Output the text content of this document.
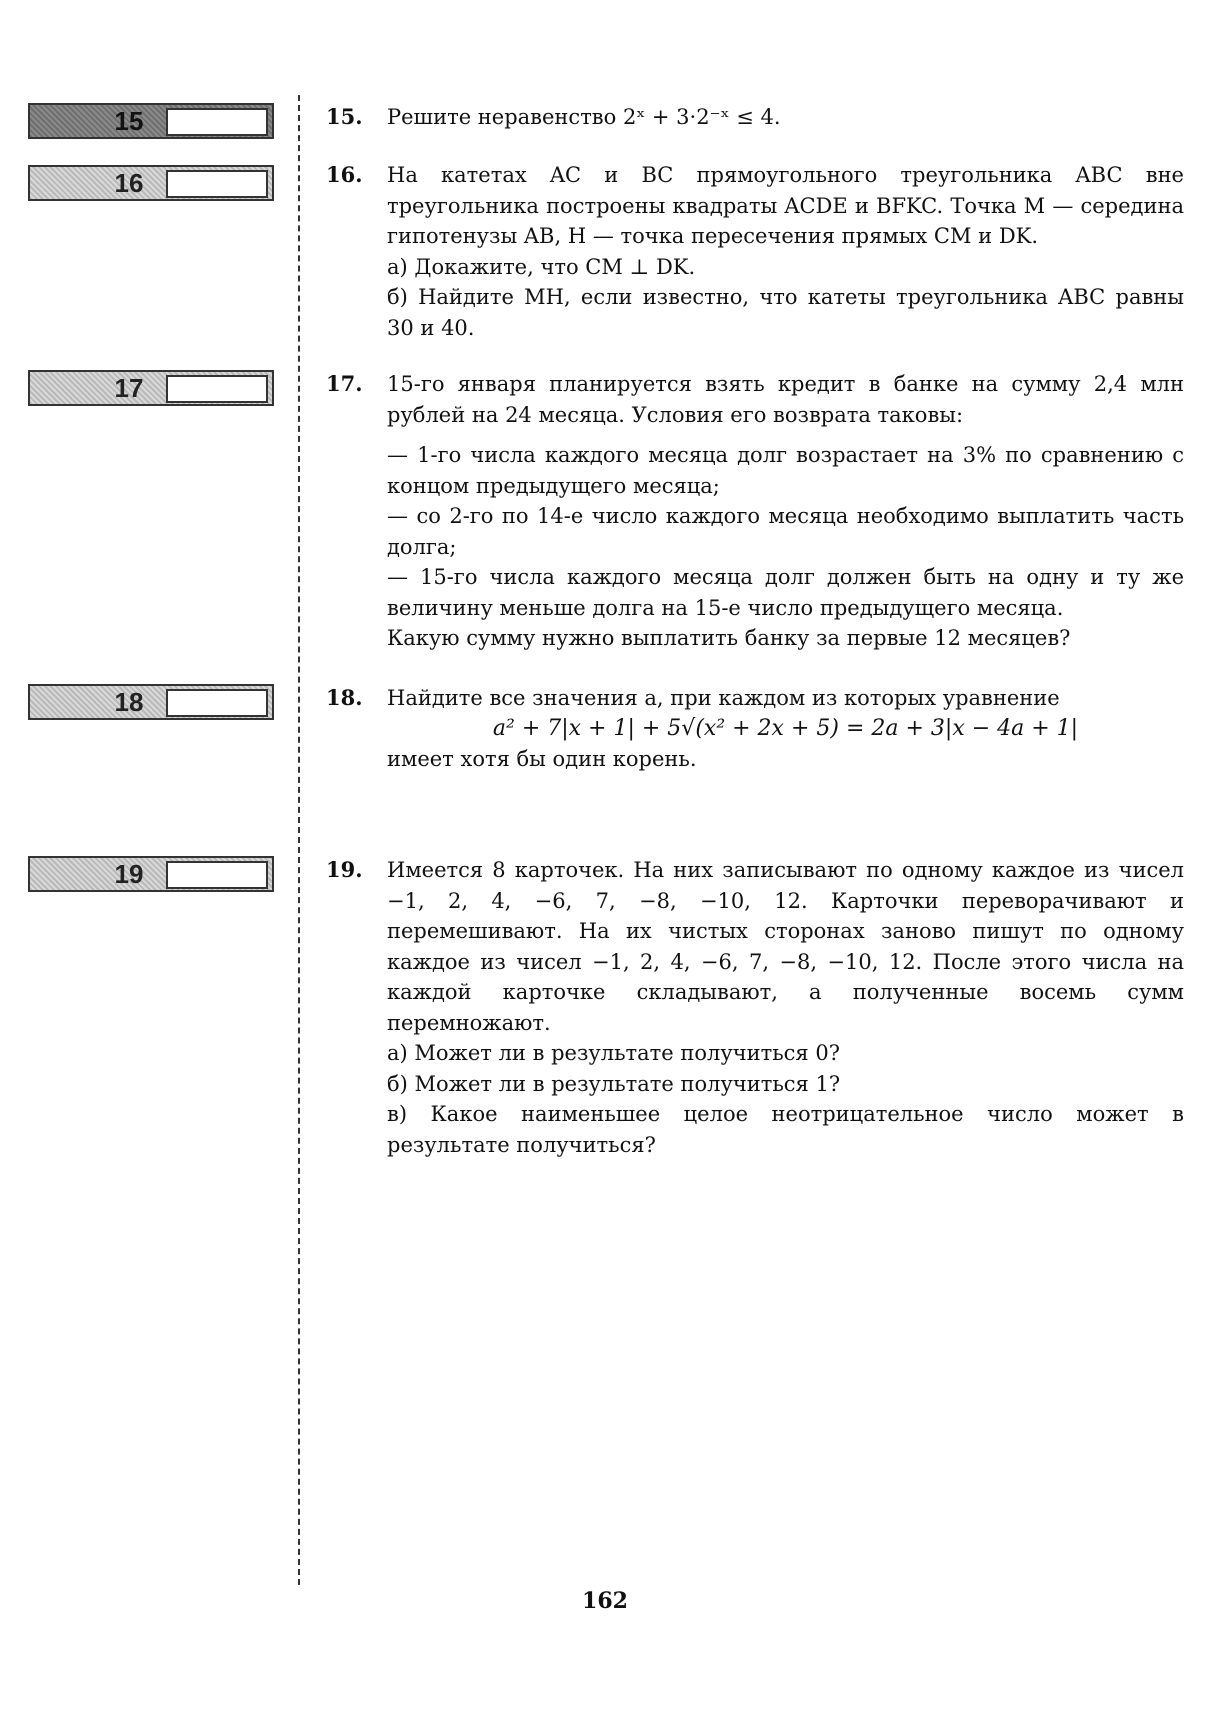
15
16
17
18
19
15. Решите неравенство 2ˣ + 3·2⁻ˣ ≤ 4.

16. На катетах AC и BC прямоугольного треугольника ABC вне треугольника построены квадраты ACDE и BFKC. Точка M — середина гипотенузы AB, H — точка пересечения прямых CM и DK.

а) Докажите, что CM ⊥ DK.

б) Найдите MH, если известно, что катеты треугольника ABC равны 30 и 40.

17. 15-го января планируется взять кредит в банке на сумму 2,4 млн рублей на 24 месяца. Условия его возврата таковы:

— 1-го числа каждого месяца долг возрастает на 3% по сравнению с концом предыдущего месяца;

— со 2-го по 14-е число каждого месяца необходимо выплатить часть долга;

— 15-го числа каждого месяца долг должен быть на одну и ту же величину меньше долга на 15-е число предыдущего месяца.

Какую сумму нужно выплатить банку за первые 12 месяцев?

18. Найдите все значения a, при каждом из которых уравнение

a² + 7|x + 1| + 5√(x² + 2x + 5) = 2a + 3|x − 4a + 1|

имеет хотя бы один корень.

19. Имеется 8 карточек. На них записывают по одному каждое из чисел −1, 2, 4, −6, 7, −8, −10, 12. Карточки переворачивают и перемешивают. На их чистых сторонах заново пишут по одному каждое из чисел −1, 2, 4, −6, 7, −8, −10, 12. После этого числа на каждой карточке складывают, а полученные восемь сумм перемножают.

а) Может ли в результате получиться 0?

б) Может ли в результате получиться 1?

в) Какое наименьшее целое неотрицательное число может в результате получиться?

162
